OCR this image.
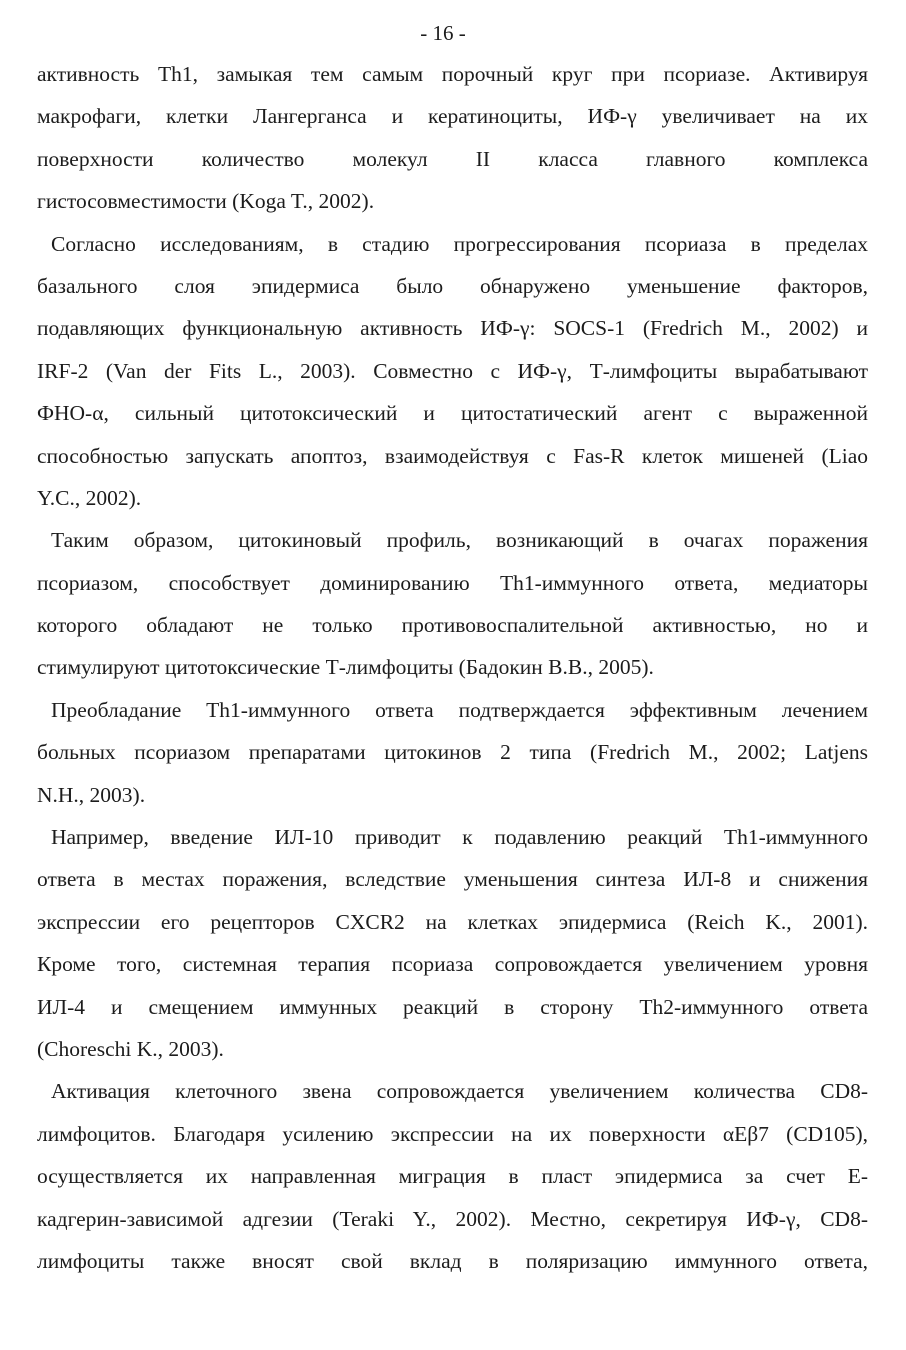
- 16 -
активность Th1, замыкая тем самым порочный круг при псориазе. Активируя
макрофаги, клетки Лангерганса и кератиноциты, ИФ-γ увеличивает на их
поверхности количество молекул II класса главного комплекса
гистосовместимости (Koga T., 2002).
Согласно исследованиям, в стадию прогрессирования псориаза в пределах
базального слоя эпидермиса было обнаружено уменьшение факторов,
подавляющих функциональную активность ИФ-γ: SOCS-1 (Fredrich M., 2002) и
IRF-2 (Van der Fits L., 2003). Совместно с ИФ-γ, Т-лимфоциты вырабатывают
ФНО-α, сильный цитотоксический и цитостатический агент с выраженной
способностью запускать апоптоз, взаимодействуя с Fas-R клеток мишеней (Liao
Y.C., 2002).
Таким образом, цитокиновый профиль, возникающий в очагах поражения
псориазом, способствует доминированию Th1-иммунного ответа, медиаторы
которого обладают не только противовоспалительной активностью, но и
стимулируют цитотоксические Т-лимфоциты (Бадокин В.В., 2005).
Преобладание Th1-иммунного ответа подтверждается эффективным лечением
больных псориазом препаратами цитокинов 2 типа (Fredrich M., 2002; Latjens
N.H., 2003).
Например, введение ИЛ-10 приводит к подавлению реакций Th1-иммунного
ответа в местах поражения, вследствие уменьшения синтеза ИЛ-8 и снижения
экспрессии его рецепторов CXCR2 на клетках эпидермиса (Reich K., 2001).
Кроме того, системная терапия псориаза сопровождается увеличением уровня
ИЛ-4 и смещением иммунных реакций в сторону Th2-иммунного ответа
(Choreschi K., 2003).
Активация клеточного звена сопровождается увеличением количества CD8-
лимфоцитов. Благодаря усилению экспрессии на их поверхности αEβ7 (CD105),
осуществляется их направленная миграция в пласт эпидермиса за счет Е-
кадгерин-зависимой адгезии (Teraki Y., 2002). Местно, секретируя ИФ-γ, CD8-
лимфоциты также вносят свой вклад в поляризацию иммунного ответа,
